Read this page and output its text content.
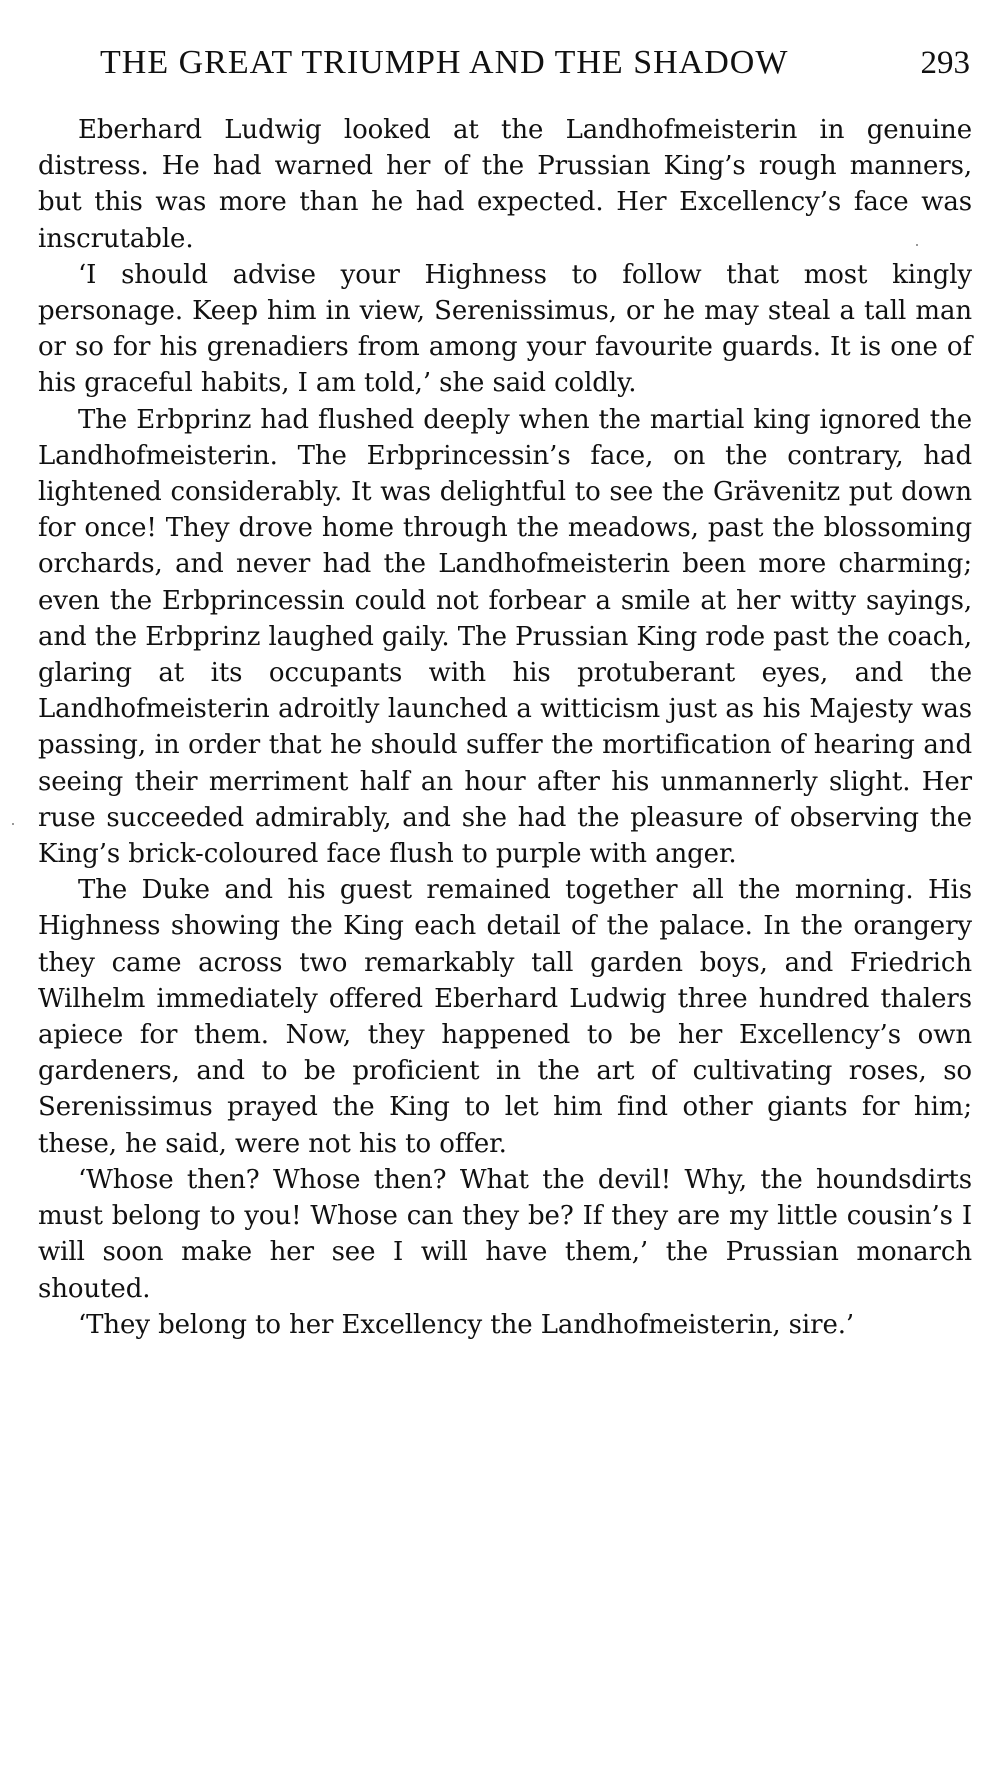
THE GREAT TRIUMPH AND THE SHADOW	293

Eberhard Ludwig looked at the Landhofmeisterin in genuine distress. He had warned her of the Prussian King’s rough manners, but this was more than he had expected. Her Excellency’s face was inscrutable.

‘I should advise your Highness to follow that most kingly personage. Keep him in view, Serenissimus, or he may steal a tall man or so for his grenadiers from among your favourite guards. It is one of his graceful habits, I am told,’ she said coldly.

The Erbprinz had flushed deeply when the martial king ignored the Landhofmeisterin. The Erbprincessin’s face, on the contrary, had lightened considerably. It was delightful to see the Grävenitz put down for once! They drove home through the meadows, past the blossoming orchards, and never had the Landhofmeisterin been more charming; even the Erbprincessin could not forbear a smile at her witty sayings, and the Erbprinz laughed gaily. The Prussian King rode past the coach, glaring at its occupants with his protuberant eyes, and the Landhofmeisterin adroitly launched a witticism just as his Majesty was passing, in order that he should suffer the mortification of hearing and seeing their merriment half an hour after his unmannerly slight. Her ruse succeeded admirably, and she had the pleasure of observing the King’s brick-coloured face flush to purple with anger.

The Duke and his guest remained together all the morning. His Highness showing the King each detail of the palace. In the orangery they came across two remarkably tall garden boys, and Friedrich Wilhelm immediately offered Eberhard Ludwig three hundred thalers apiece for them. Now, they happened to be her Excellency’s own gardeners, and to be proficient in the art of cultivating roses, so Serenissimus prayed the King to let him find other giants for him; these, he said, were not his to offer.

‘Whose then? Whose then? What the devil! Why, the houndsdirts must belong to you! Whose can they be? If they are my little cousin’s I will soon make her see I will have them,’ the Prussian monarch shouted.

‘They belong to her Excellency the Landhofmeisterin, sire.’
